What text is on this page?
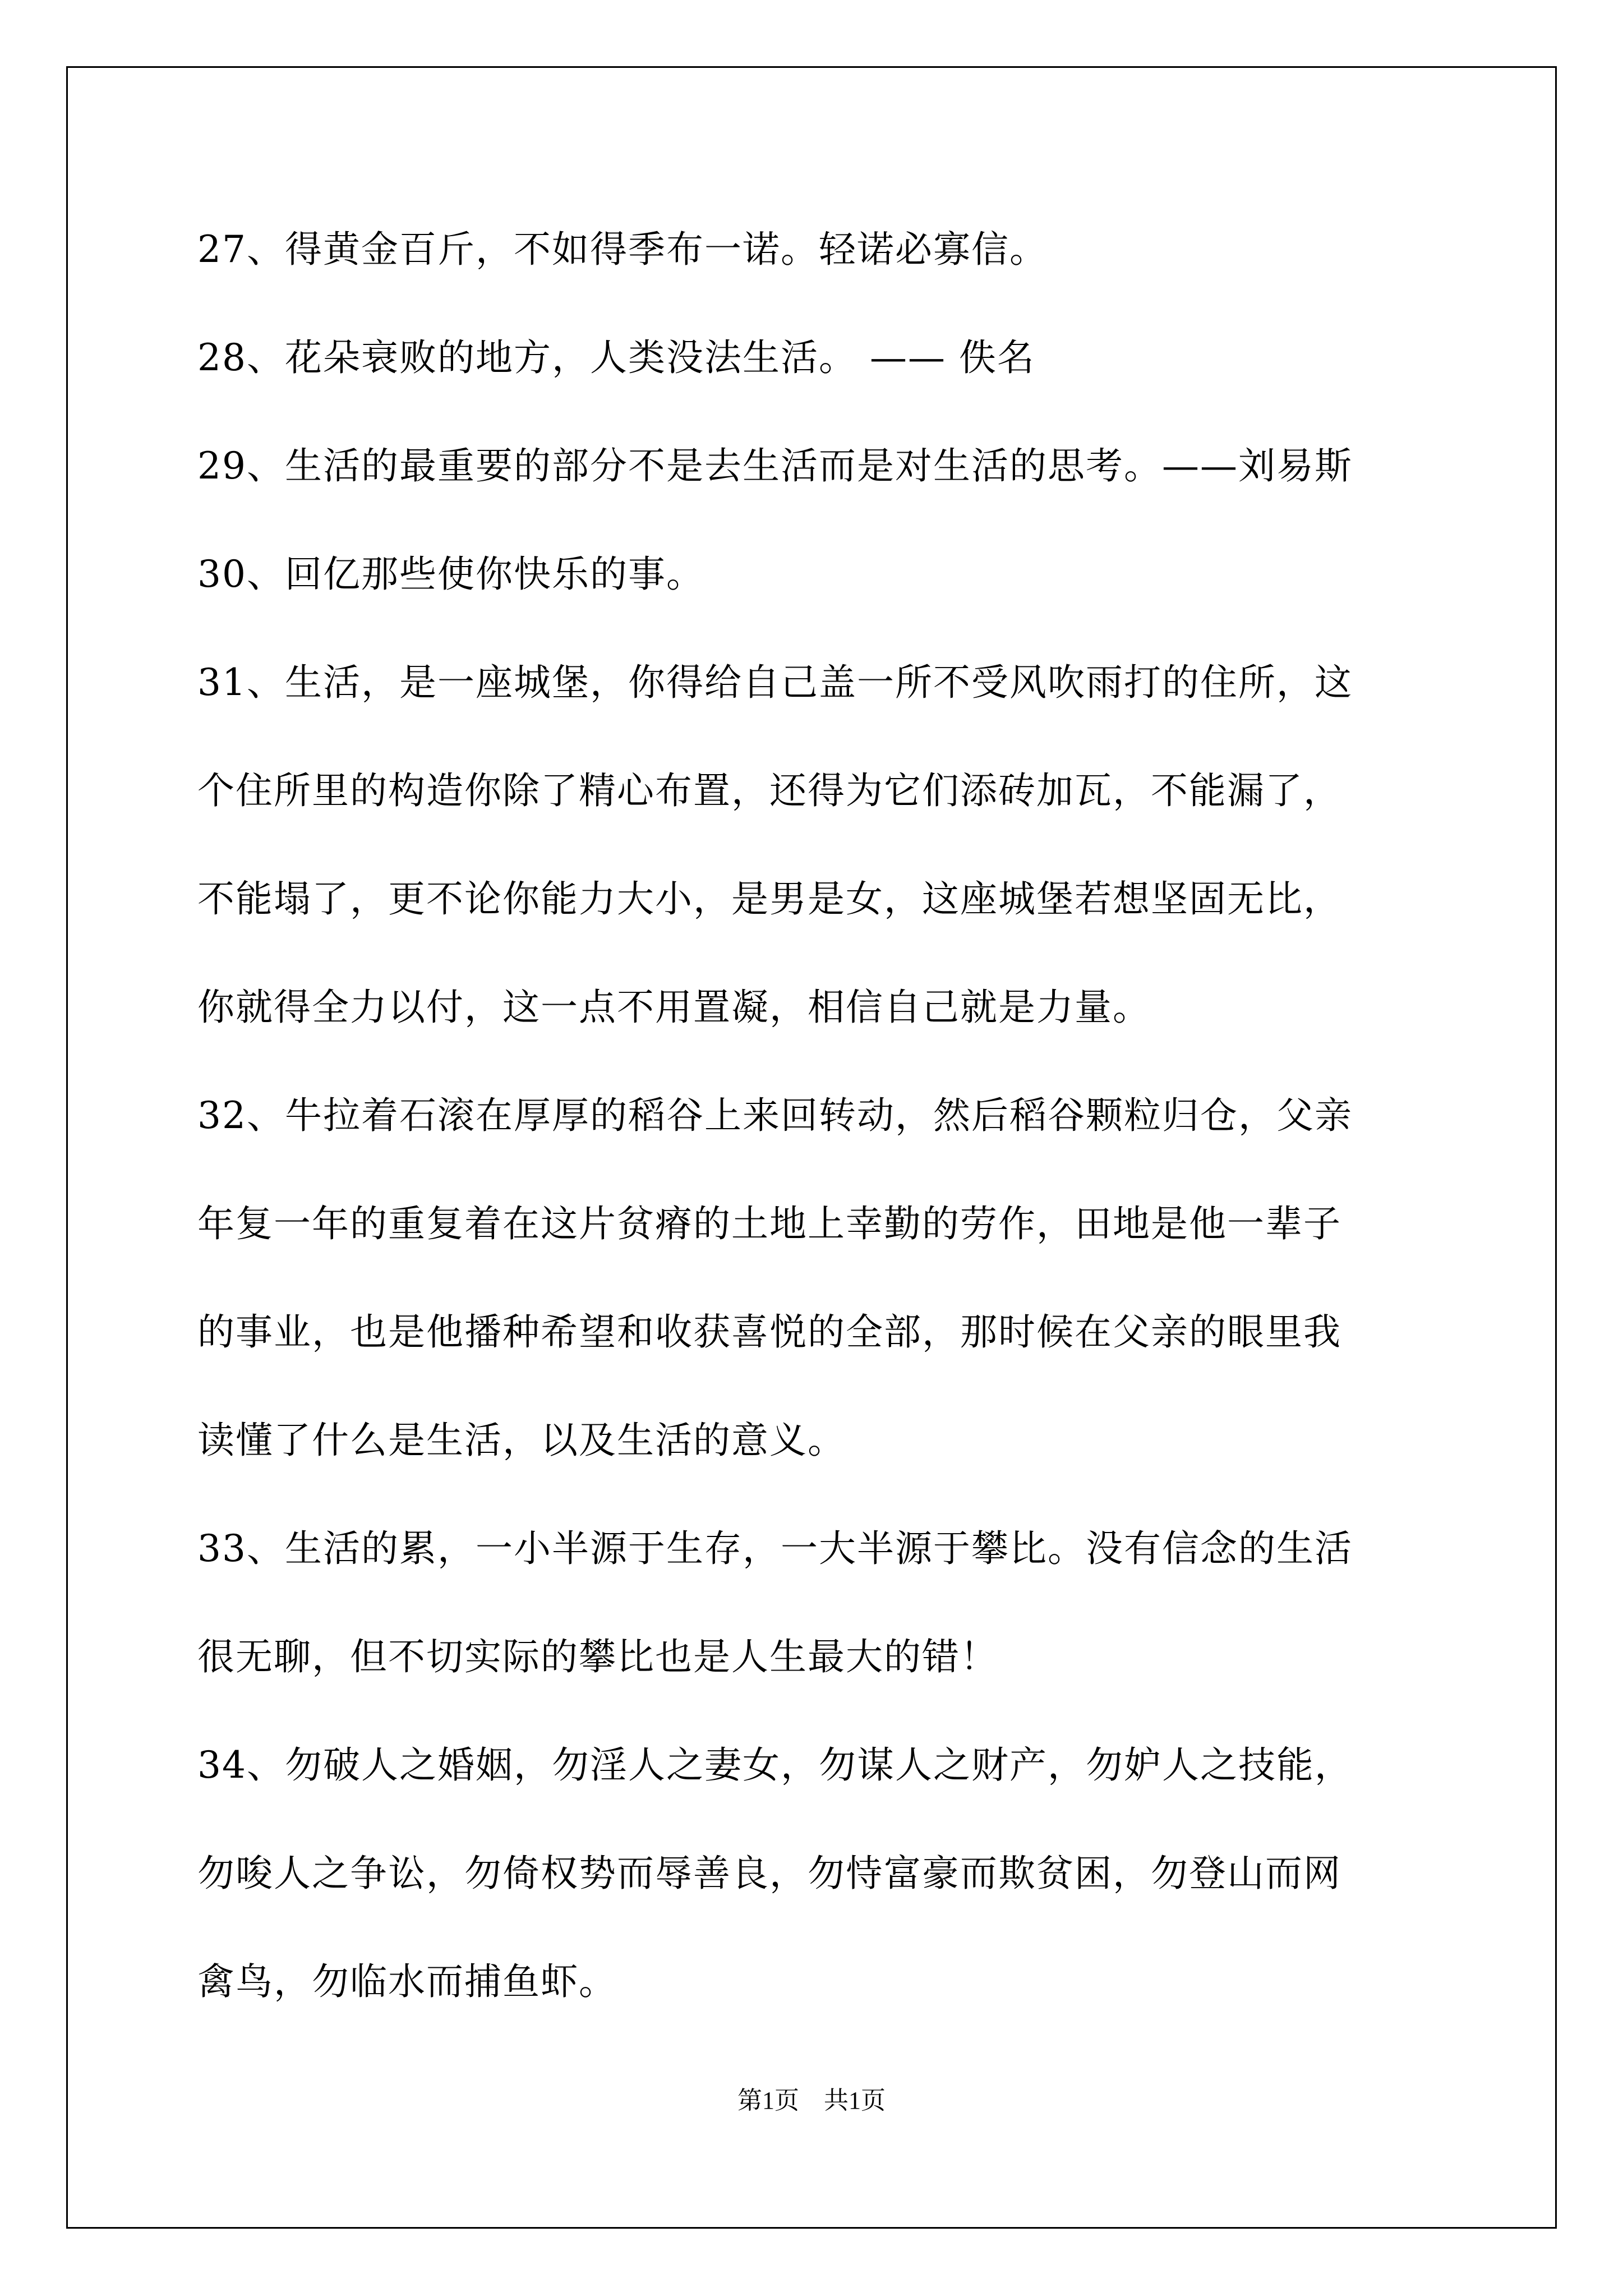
27、得黄金百斤，不如得季布一诺。轻诺必寡信。
28、花朵衰败的地方，人类没法生活。 —— 佚名
29、生活的最重要的部分不是去生活而是对生活的思考。——刘易斯
30、回亿那些使你快乐的事。
31、生活，是一座城堡，你得给自己盖一所不受风吹雨打的住所，这
个住所里的构造你除了精心布置，还得为它们添砖加瓦，不能漏了，
不能塌了，更不论你能力大小，是男是女，这座城堡若想坚固无比，
你就得全力以付，这一点不用置凝，相信自己就是力量。
32、牛拉着石滚在厚厚的稻谷上来回转动，然后稻谷颗粒归仓，父亲
年复一年的重复着在这片贫瘠的土地上幸勤的劳作，田地是他一辈子
的事业，也是他播种希望和收获喜悦的全部，那时候在父亲的眼里我
读懂了什么是生活，以及生活的意义。
33、生活的累，一小半源于生存，一大半源于攀比。没有信念的生活
很无聊，但不切实际的攀比也是人生最大的错！
34、勿破人之婚姻，勿淫人之妻女，勿谋人之财产，勿妒人之技能，
勿唆人之争讼，勿倚权势而辱善良，勿恃富豪而欺贫困，勿登山而网
禽鸟，勿临水而捕鱼虾。
第1页　共1页
